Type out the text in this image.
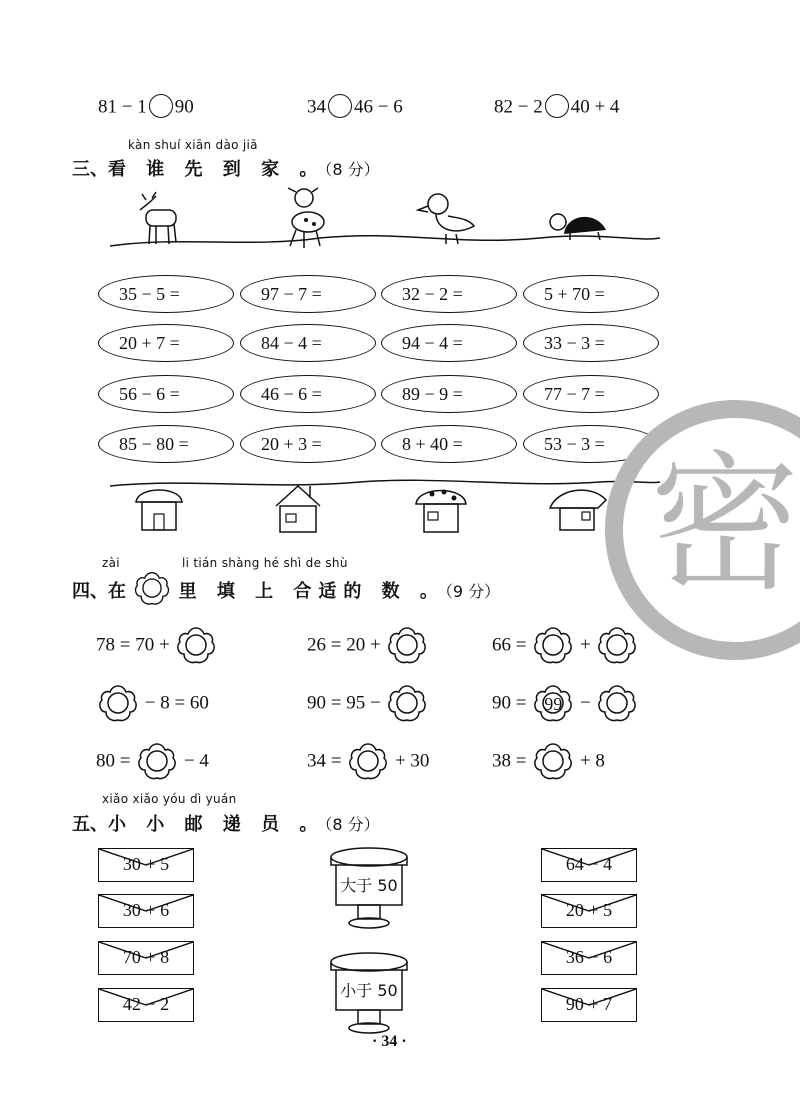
81 − 1 90	34 46 − 6	82 − 2 40 + 4
kàn shuí xiān dào jiā
三、看 谁 先 到 家 。（8 分）
35 − 5 =	97 − 7 =	32 − 2 =	5 + 70 =
20 + 7 =	84 − 4 =	94 − 4 =	33 − 3 =
56 − 6 =	46 − 6 =	89 − 9 =	77 − 7 =
85 − 80 =	20 + 3 =	8 + 40 =	53 − 3 =
zài	li tián shàng hé shì de shù
四、在	里 填 上 合适的 数 。（9 分）
78 = 70 +	26 = 20 +	66 =	+
− 8 = 60	90 = 95 −	90 = 99 −
80 =	− 4	34 =	+ 30	38 =	+ 8
xiǎo xiǎo yóu dì yuán
五、小 小 邮 递 员 。（8 分）
30 + 5
30 + 6
70 + 8
42 − 2
64 − 4
20 + 5
36 − 6
90 + 7
大于 50
小于 50
· 34 ·
密
